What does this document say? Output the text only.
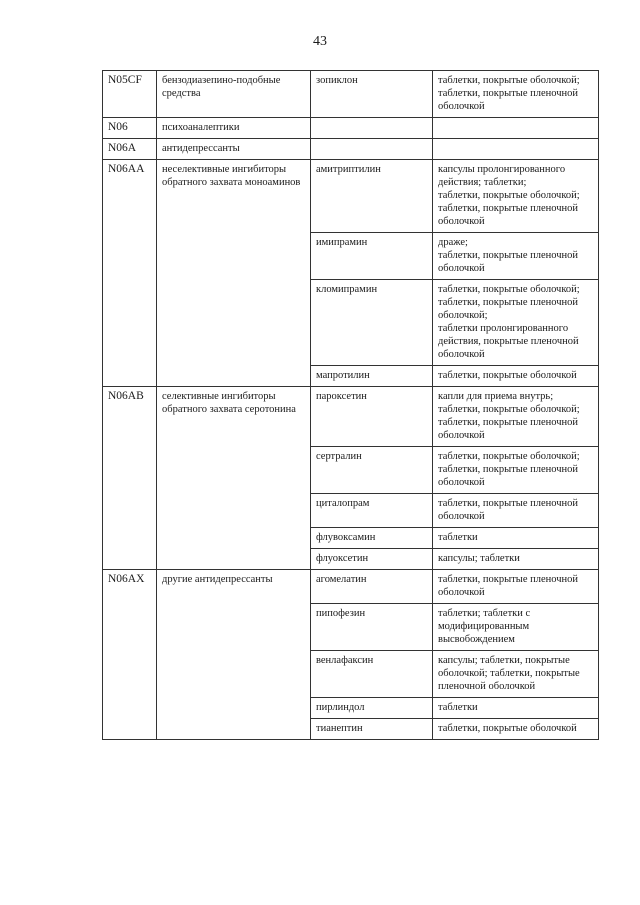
43
N05CF	бензодиазепино-подобные средства	зопиклон	таблетки, покрытые оболочкой;
таблетки, покрытые пленочной оболочкой

N06	психоаналептики		
N06A	антидепрессанты		
N06AA	неселективные ингибиторы обратного захвата моноаминов	амитриптилин	капсулы пролонгированного действия; таблетки;
таблетки, покрытые оболочкой;
таблетки, покрытые пленочной оболочкой

		имипрамин	драже;
таблетки, покрытые пленочной оболочкой

		кломипрамин	таблетки, покрытые оболочкой;
таблетки, покрытые пленочной оболочкой;
таблетки пролонгированного действия, покрытые пленочной оболочкой

		мапротилин	таблетки, покрытые оболочкой

N06AB	селективные ингибиторы обратного захвата серотонина	пароксетин	капли для приема внутрь;
таблетки, покрытые оболочкой;
таблетки, покрытые пленочной оболочкой

		сертралин	таблетки, покрытые оболочкой;
таблетки, покрытые пленочной оболочкой

		циталопрам	таблетки, покрытые пленочной оболочкой

		флувоксамин	таблетки

		флуоксетин	капсулы; таблетки

N06AX	другие антидепрессанты	агомелатин	таблетки, покрытые пленочной оболочкой

		пипофезин	таблетки; таблетки с модифицированным высвобождением

		венлафаксин	капсулы; таблетки, покрытые оболочкой; таблетки, покрытые пленочной оболочкой

		пирлиндол	таблетки

		тианептин	таблетки, покрытые оболочкой
